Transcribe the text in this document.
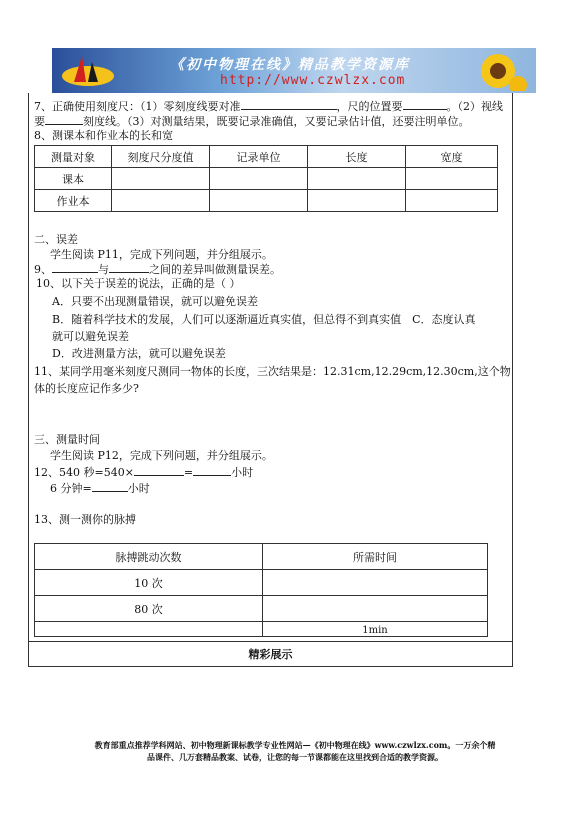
《初中物理在线》精品教学资源库
http://www.czwlzx.com
7、正确使用刻度尺：（1）零刻度线要对准	，尺的位置要	。（2）视线
要	刻度线。（3）对测量结果，既要记录准确值，又要记录估计值，还要注明单位。
8、测课本和作业本的长和宽
测量对象	刻度尺分度值	记录单位	长度	宽度
课本				
作业本				
二、误差
学生阅读 P11，完成下列问题，并分组展示。
9、	与	之间的差异叫做测量误差。
10、以下关于误差的说法，正确的是（ ）
A．只要不出现测量错误，就可以避免误差
B．随着科学技术的发展，人们可以逐渐逼近真实值，但总得不到真实值　C．态度认真
就可以避免误差
D．改进测量方法，就可以避免误差
11、某同学用毫米刻度尺测同一物体的长度，三次结果是：12.31cm,12.29cm,12.30cm,这个物
体的长度应记作多少?
三、测量时间
学生阅读 P12，完成下列问题，并分组展示。
12、540 秒=540×	=	小时
6 分钟=	小时
13、测一测你的脉搏
脉搏跳动次数	所需时间
10 次	
80 次	
	1min
精彩展示
教育部重点推荐学科网站、初中物理新课标教学专业性网站—《初中物理在线》www.czwlzx.com。一万余个精
品课件、几万套精品教案、试卷，让您的每一节课都能在这里找到合适的教学资源。
